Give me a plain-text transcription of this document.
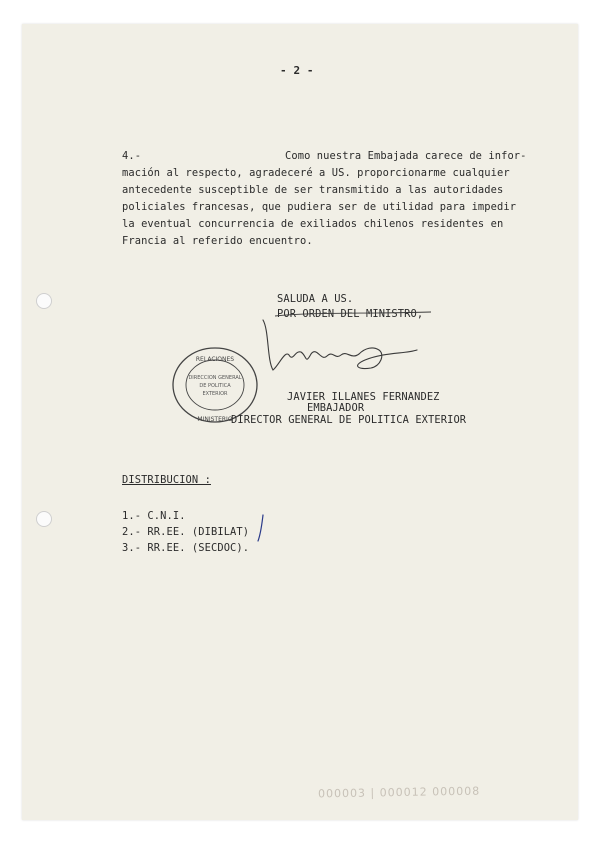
- 2 -
4.-	Como nuestra Embajada carece de infor-
mación al respecto, agradeceré a US. proporcionarme cualquier
antecedente susceptible de ser transmitido a las autoridades
policiales francesas, que pudiera ser de utilidad para impedir
la eventual concurrencia de exiliados chilenos residentes en
Francia al referido encuentro.
SALUDA A US.
POR ORDEN DEL MINISTRO,
RELACIONES
MINISTERIO
DIRECCION GENERAL
DE POLITICA
EXTERIOR	JAVIER ILLANES FERNANDEZ
EMBAJADOR
DIRECTOR GENERAL DE POLITICA EXTERIOR
DISTRIBUCION :
1.- C.N.I.
2.- RR.EE. (DIBILAT)
3.- RR.EE. (SECDOC).
000003 | 000012 000008
